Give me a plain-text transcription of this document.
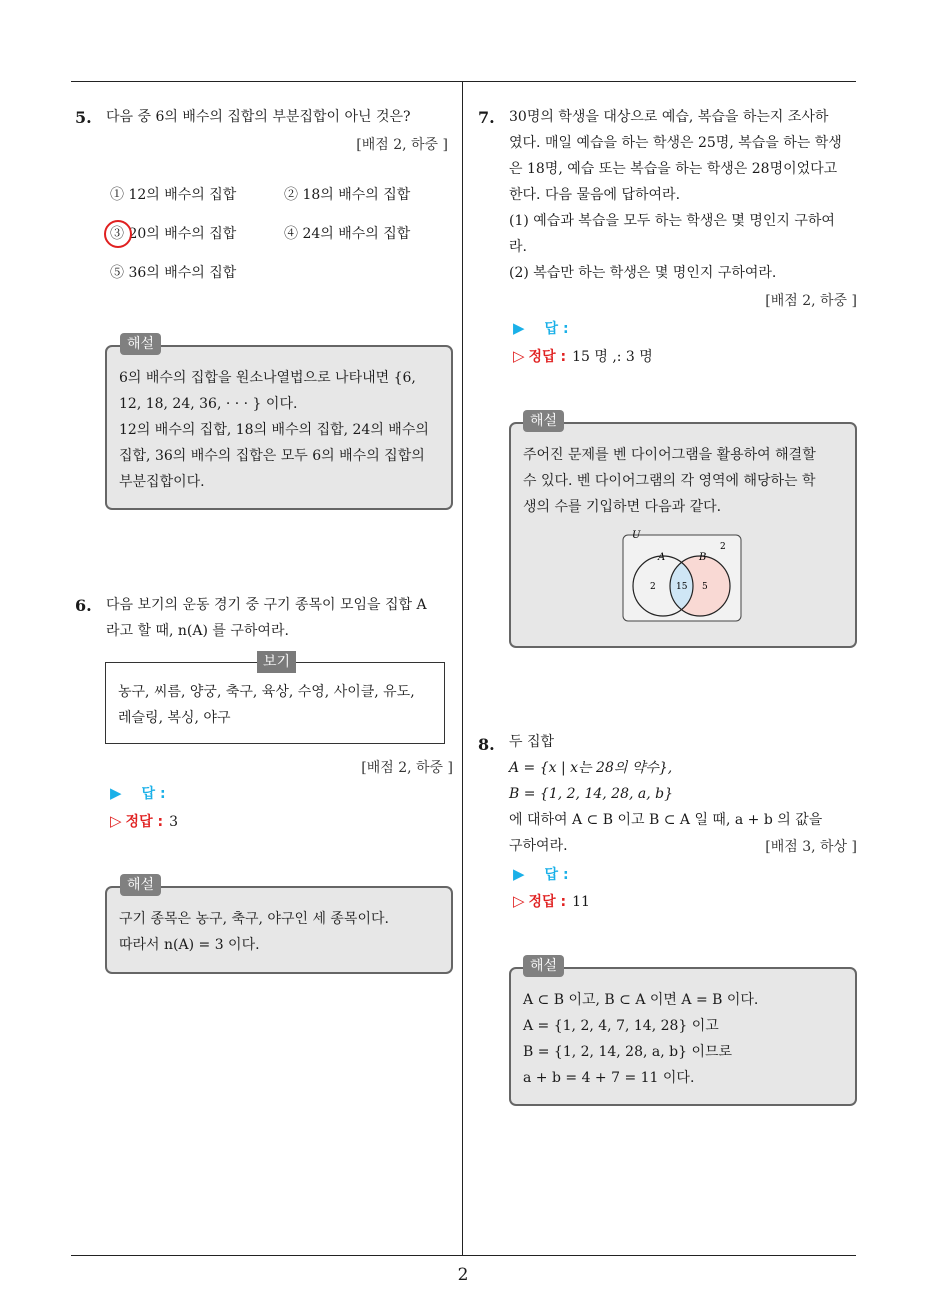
5. 다음 중 6의 배수의 집합의 부분집합이 아닌 것은?
[배점 2, 하중 ]
① 12의 배수의 집합	② 18의 배수의 집합
③ 20의 배수의 집합	④ 24의 배수의 집합
⑤ 36의 배수의 집합
6의 배수의 집합을 원소나열법으로 나타내면 {6,
12, 18, 24, 36, · · · } 이다.
12의 배수의 집합, 18의 배수의 집합, 24의 배수의
집합, 36의 배수의 집합은 모두 6의 배수의 집합의
부분집합이다.
해설
6. 다음 보기의 운동 경기 중 구기 종목이 모임을 집합 A
라고 할 때, n(A) 를 구하여라.
농구, 씨름, 양궁, 축구, 육상, 수영, 사이클, 유도,
레슬링, 복싱, 야구
보기
[배점 2, 하중 ]
▶ 답 :
▷ 정답 : 3
구기 종목은 농구, 축구, 야구인 세 종목이다.
따라서 n(A) = 3 이다.
해설
7. 30명의 학생을 대상으로 예습, 복습을 하는지 조사하
였다. 매일 예습을 하는 학생은 25명, 복습을 하는 학생
은 18명, 예습 또는 복습을 하는 학생은 28명이었다고
한다. 다음 물음에 답하여라.
(1) 예습과 복습을 모두 하는 학생은 몇 명인지 구하여
라.
(2) 복습만 하는 학생은 몇 명인지 구하여라.
[배점 2, 하중 ]
▶ 답 :
▷ 정답 : 15 명 ,: 3 명
주어진 문제를 벤 다이어그램을 활용하여 해결할
수 있다. 벤 다이어그램의 각 영역에 해당하는 학
생의 수를 기입하면 다음과 같다.
해설
U
A	B
2 15 5
2
8. 두 집합
A = {x | x는 28의 약수},
B = {1, 2, 14, 28, a, b}
에 대하여 A ⊂ B 이고 B ⊂ A 일 때, a + b 의 값을
구하여라.	[배점 3, 하상 ]
▶ 답 :
▷ 정답 : 11
A ⊂ B 이고, B ⊂ A 이면 A = B 이다.
A = {1, 2, 4, 7, 14, 28} 이고
B = {1, 2, 14, 28, a, b} 이므로
a + b = 4 + 7 = 11 이다.
해설
2
